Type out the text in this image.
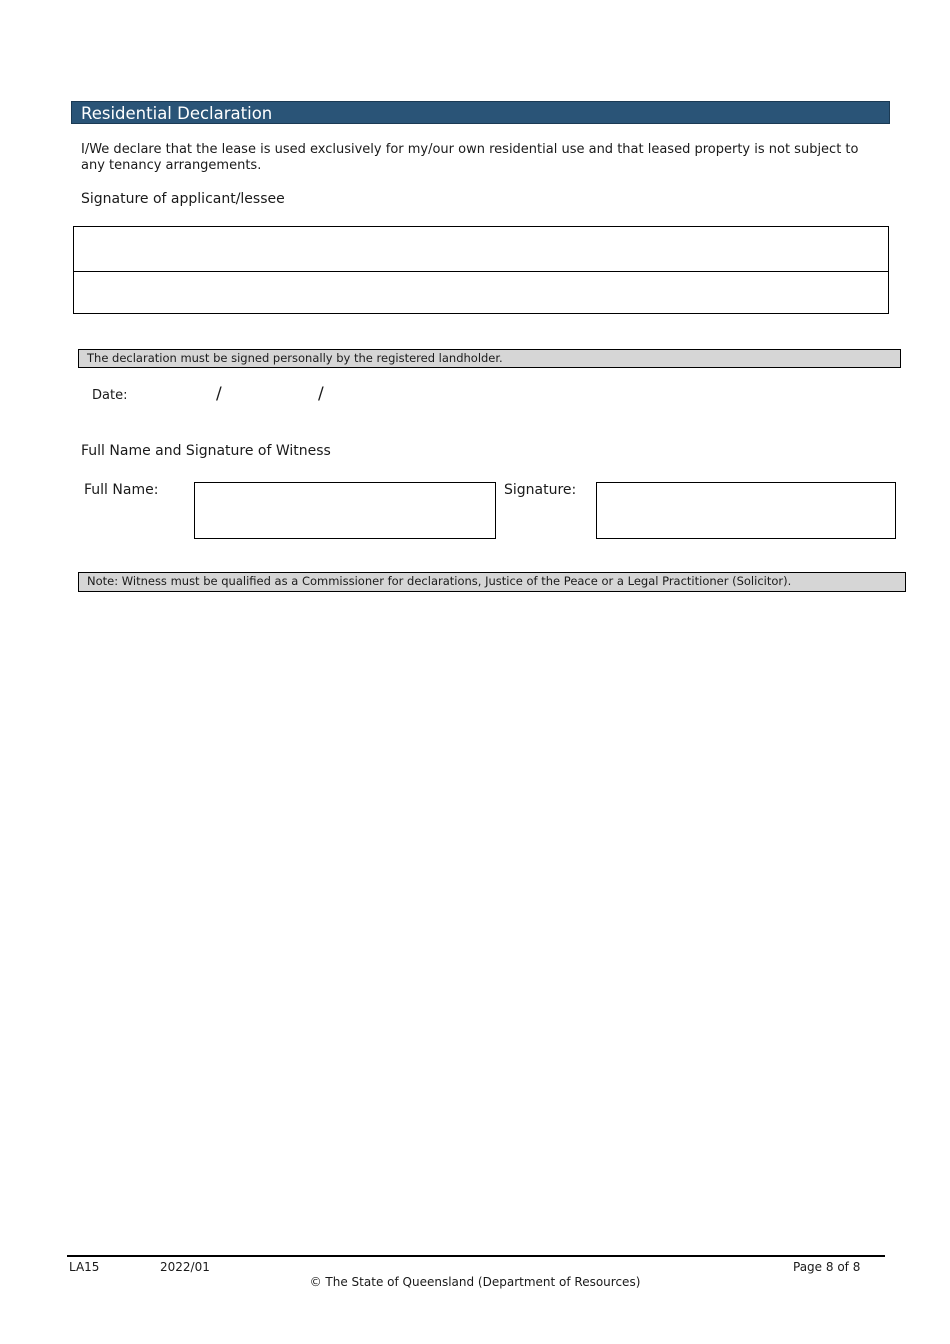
Residential Declaration
I/We declare that the lease is used exclusively for my/our own residential use and that leased property is not subject to any tenancy arrangements.
Signature of applicant/lessee
The declaration must be signed personally by the registered landholder.
Date:	/	/
Full Name and Signature of Witness
Full Name:	Signature:
Note: Witness must be qualified as a Commissioner for declarations, Justice of the Peace or a Legal Practitioner (Solicitor).
LA15	2022/01	Page 8 of 8
© The State of Queensland (Department of Resources)
